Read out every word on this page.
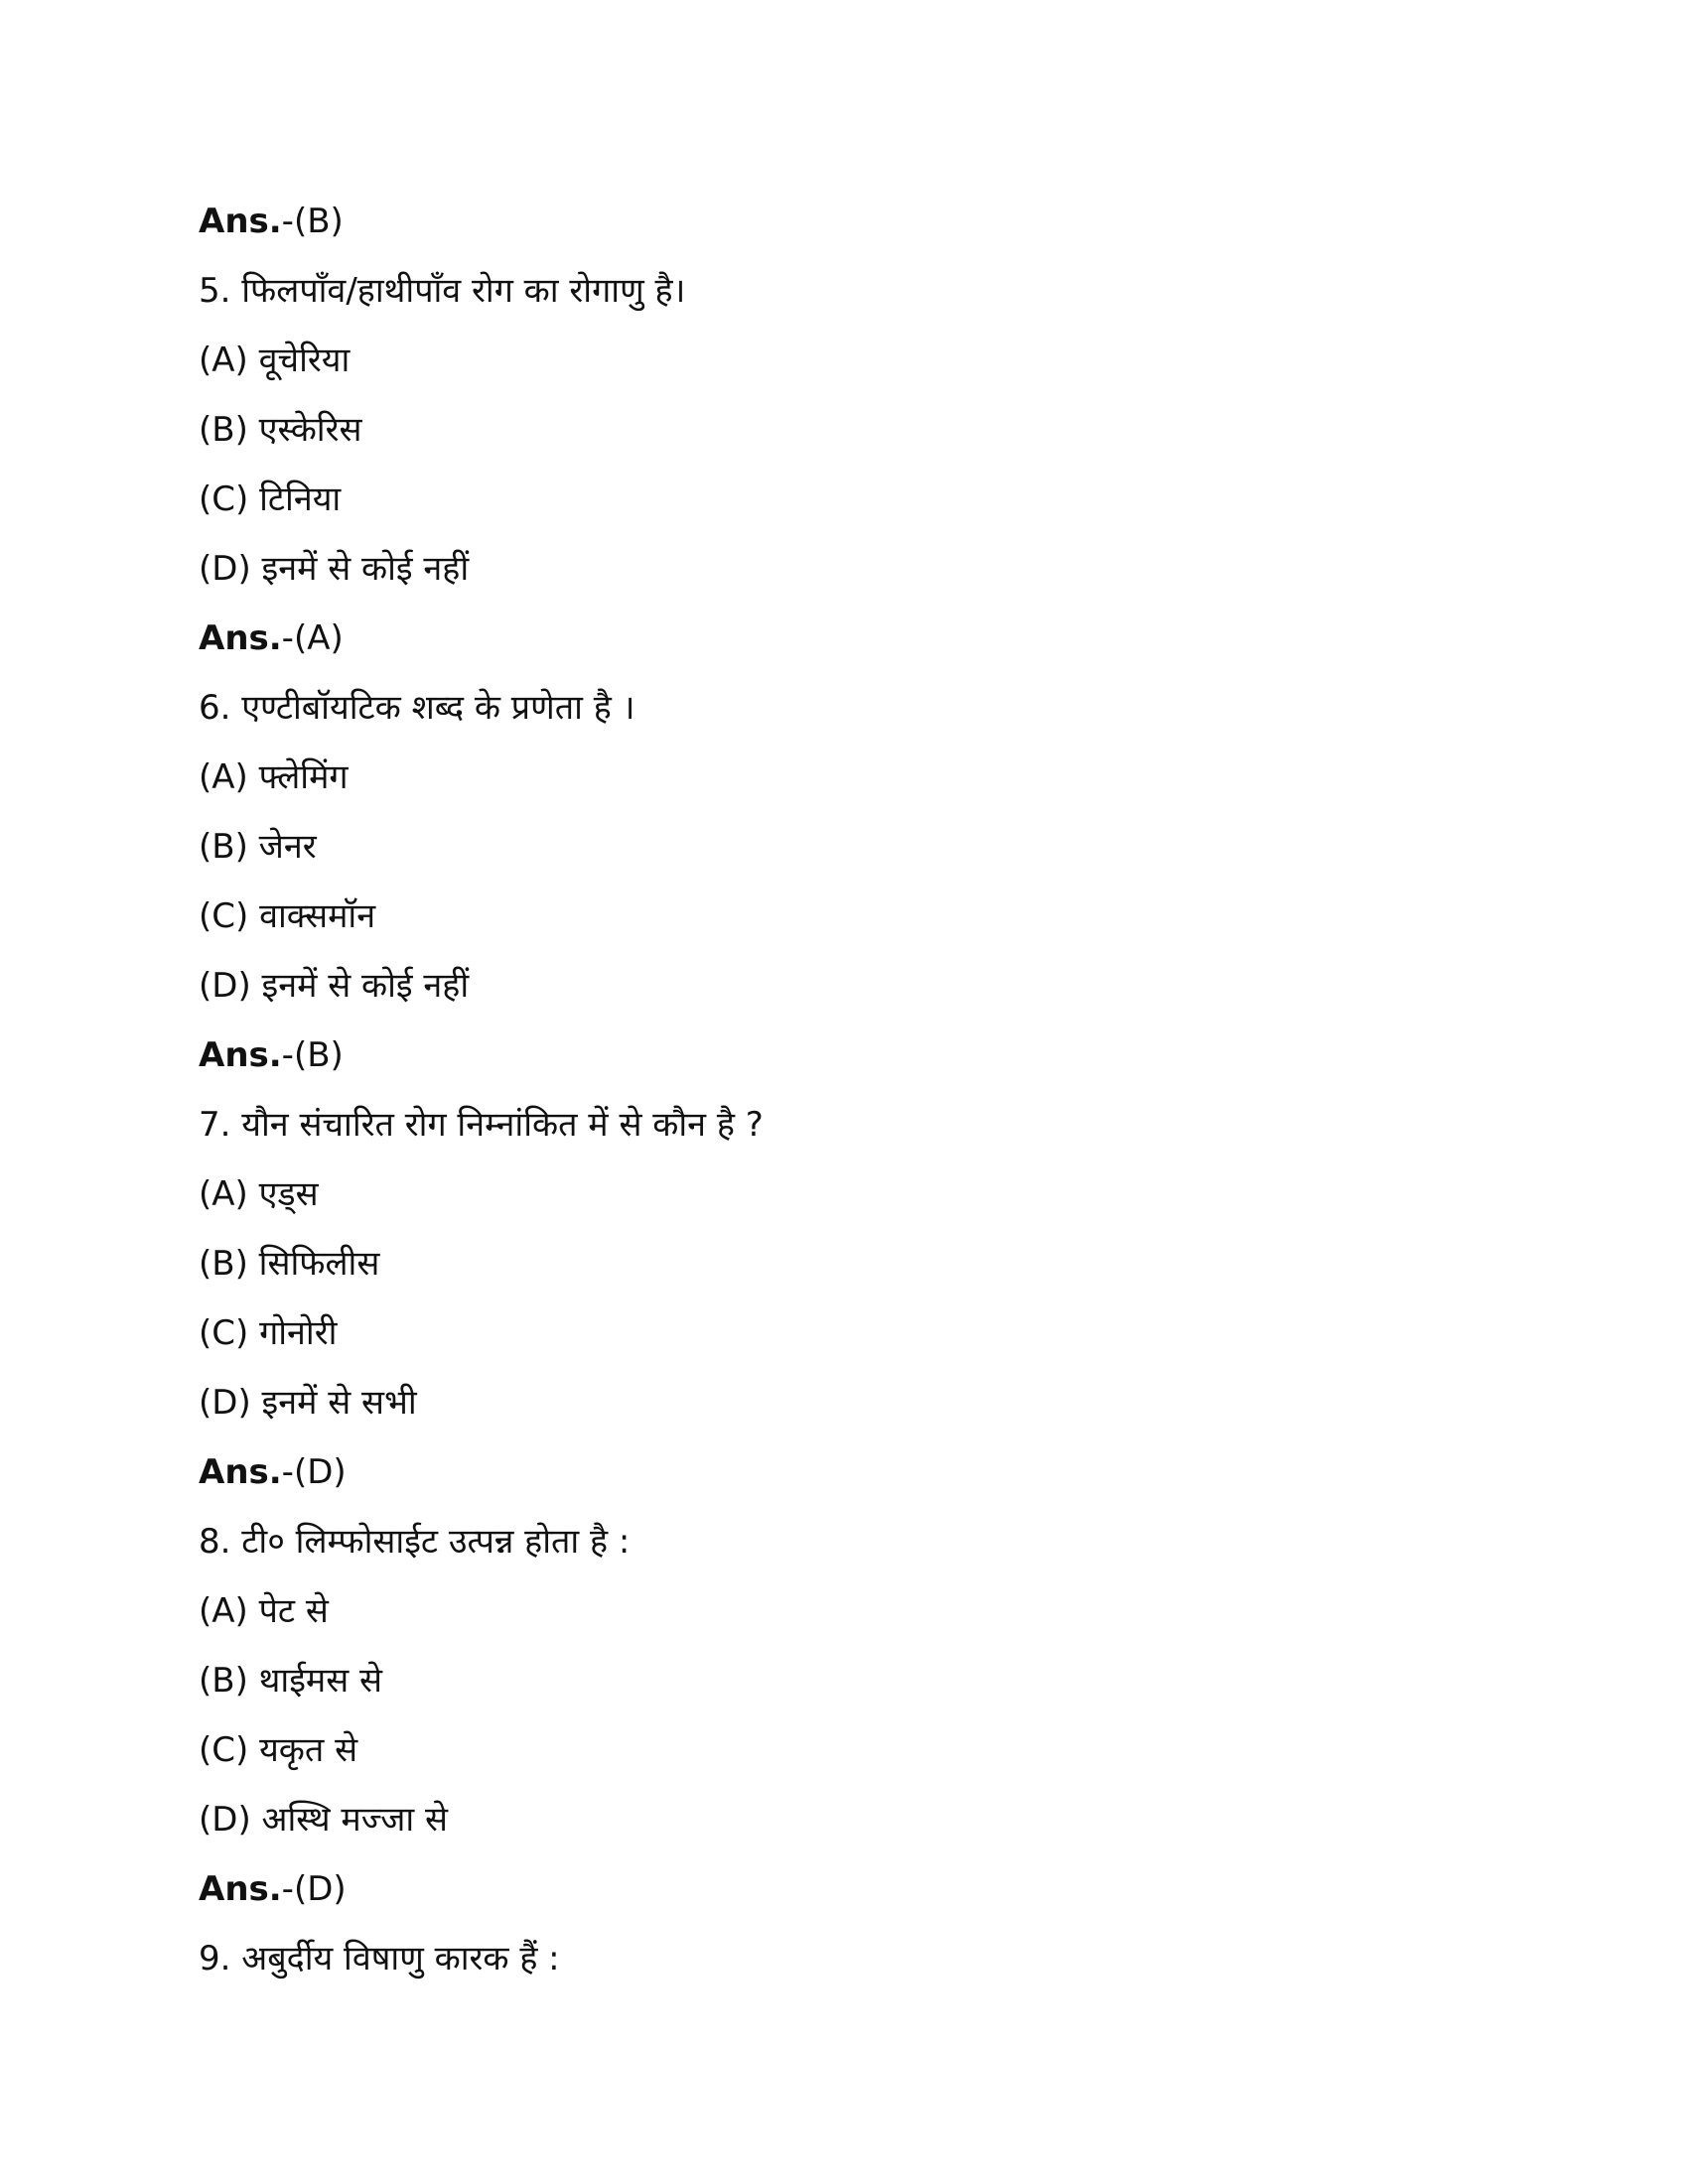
Ans.-(B)
5. फिलपाँव/हाथीपाँव रोग का रोगाणु है।
(A) वूचेरिया
(B) एस्केरिस
(C) टिनिया
(D) इनमें से कोई नहीं
Ans.-(A)
6. एण्टीबॉयटिक शब्द के प्रणेता है ।
(A) फ्लेमिंग
(B) जेनर
(C) वाक्समॉन
(D) इनमें से कोई नहीं
Ans.-(B)
7. यौन संचारित रोग निम्नांकित में से कौन है ?
(A) एड्स
(B) सिफिलीस
(C) गोनोरी
(D) इनमें से सभी
Ans.-(D)
8. टी० लिम्फोसाईट उत्पन्न होता है :
(A) पेट से
(B) थाईमस से
(C) यकृत से
(D) अस्थि मज्जा से
Ans.-(D)
9. अबुर्दीय विषाणु कारक हैं :
